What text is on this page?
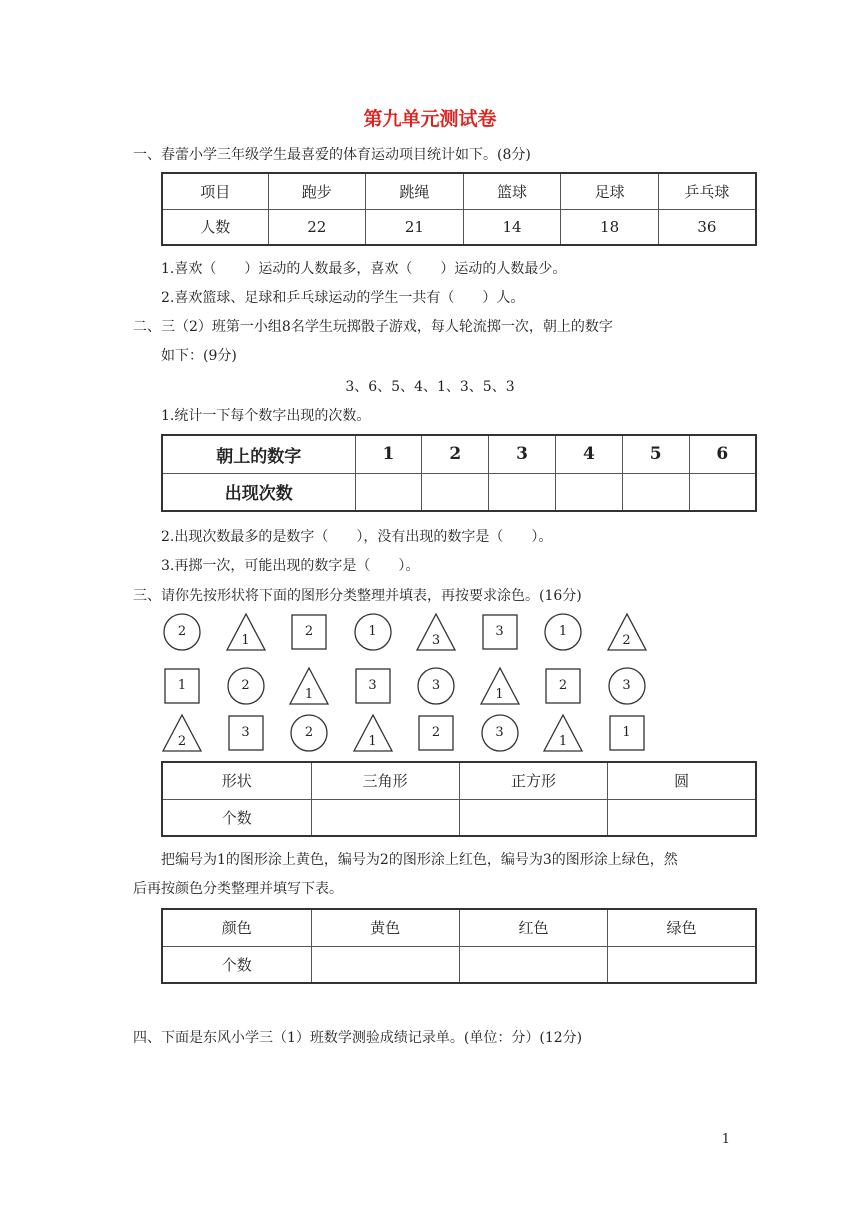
第九单元测试卷
一、春蕾小学三年级学生最喜爱的体育运动项目统计如下。(8分)
项目	跑步	跳绳	篮球	足球	乒乓球
人数	22	21	14	18	36
1.喜欢（　　）运动的人数最多，喜欢（　　）运动的人数最少。
2.喜欢篮球、足球和乒乓球运动的学生一共有（　　）人。
二、三（2）班第一小组8名学生玩掷骰子游戏，每人轮流掷一次，朝上的数字
如下：(9分)
3、6、5、4、1、3、5、3
1.统计一下每个数字出现的次数。
朝上的数字	1	2	3	4	5	6
出现次数						
2.出现次数最多的是数字（　　），没有出现的数字是（　　）。
3.再掷一次，可能出现的数字是（　　）。
三、请你先按形状将下面的图形分类整理并填表，再按要求涂色。(16分)
2
1
2	1
3
3	1
2
1	2
1
3	3
1
2	3
2
3	2
1
2	3
1
1
形状	三角形	正方形	圆
个数			
把编号为1的图形涂上黄色，编号为2的图形涂上红色，编号为3的图形涂上绿色，然
后再按颜色分类整理并填写下表。
颜色	黄色	红色	绿色
个数			
四、下面是东风小学三（1）班数学测验成绩记录单。(单位：分）(12分)
1
